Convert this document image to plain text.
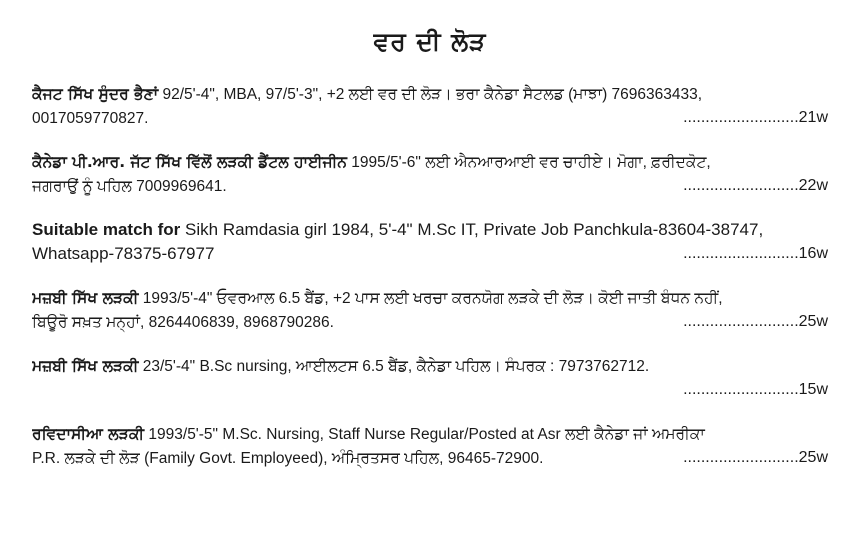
ਵਰ ਦੀ ਲੋੜ
ਕੈਜਟ ਸਿੱਖ ਸੁੰਦਰ ਭੈਣਾਂ 92/5'-4", MBA, 97/5'-3", +2 ਲਈ ਵਰ ਦੀ ਲੋੜ। ਭਰਾ ਕੈਨੇਡਾ ਸੈਟਲਡ (ਮਾਝਾ) 7696363433,
0017059770827.	..........................21w
ਕੈਨੇਡਾ ਪੀ.ਆਰ. ਜੱਟ ਸਿੱਖ ਵਿੱਲੋਂ ਲੜਕੀ ਡੈਂਟਲ ਹਾਈਜੀਨ 1995/5'-6" ਲਈ ਐਨਆਰਆਈ ਵਰ ਚਾਹੀਏ। ਮੋਗਾ, ਫ਼ਰੀਦਕੋਟ,
ਜਗਰਾਉਂ ਨੂੰ ਪਹਿਲ 7009969641.	..........................22w
Suitable match for Sikh Ramdasia girl 1984, 5'-4" M.Sc IT, Private Job Panchkula-83604-38747,
Whatsapp-78375-67977	..........................16w
ਮਜ਼ਬੀ ਸਿੱਖ ਲੜਕੀ 1993/5'-4" ਓਵਰਆਲ 6.5 ਬੈਂਡ, +2 ਪਾਸ ਲਈ ਖਰਚਾ ਕਰਨਯੋਗ ਲੜਕੇ ਦੀ ਲੋੜ। ਕੋਈ ਜਾਤੀ ਬੰਧਨ ਨਹੀਂ,
ਬਿਊਰੋ ਸਖ਼ਤ ਮਨ੍ਹਾਂ, 8264406839, 8968790286.	..........................25w
ਮਜ਼ਬੀ ਸਿੱਖ ਲੜਕੀ 23/5'-4" B.Sc nursing, ਆਈਲਟਸ 6.5 ਬੈਂਡ, ਕੈਨੇਡਾ ਪਹਿਲ। ਸੰਪਰਕ : 7973762712.
..........................15w
ਰਵਿਦਾਸੀਆ ਲੜਕੀ 1993/5'-5" M.Sc. Nursing, Staff Nurse Regular/Posted at Asr ਲਈ ਕੈਨੇਡਾ ਜਾਂ ਅਮਰੀਕਾ
P.R. ਲੜਕੇ ਦੀ ਲੋੜ (Family Govt. Employeed), ਅੰਮ੍ਰਿਤਸਰ ਪਹਿਲ, 96465-72900.	..........................25w
